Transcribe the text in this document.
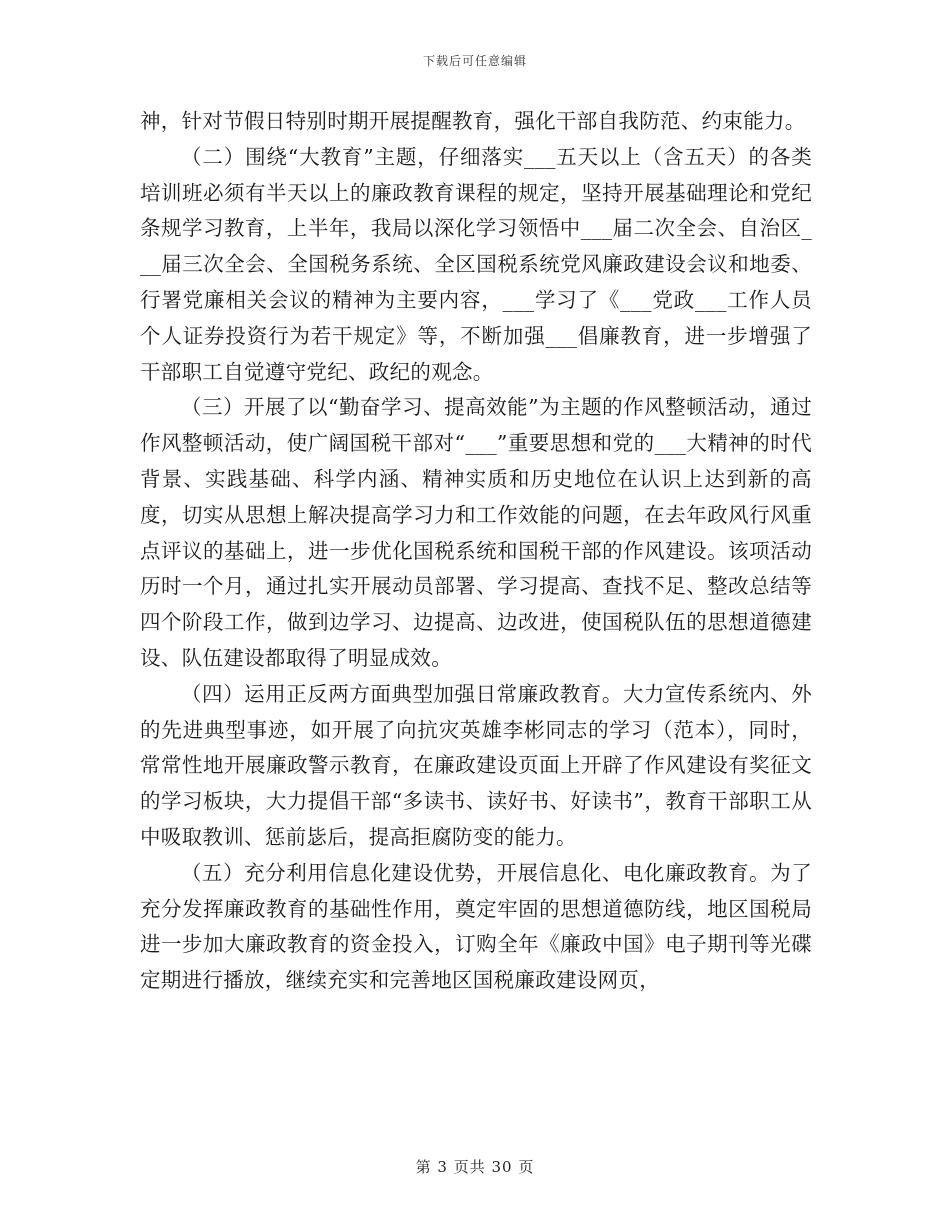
下载后可任意编辑

神，针对节假日特别时期开展提醒教育，强化干部自我防范、约束能力。

（二）围绕“大教育”主题，仔细落实___五天以上（含五天）的各类培训班必须有半天以上的廉政教育课程的规定，坚持开展基础理论和党纪条规学习教育，上半年，我局以深化学习领悟中___届二次全会、自治区___届三次全会、全国税务系统、全区国税系统党风廉政建设会议和地委、行署党廉相关会议的精神为主要内容，___学习了《___党政___工作人员个人证券投资行为若干规定》等，不断加强___倡廉教育，进一步增强了干部职工自觉遵守党纪、政纪的观念。

（三）开展了以“勤奋学习、提高效能”为主题的作风整顿活动，通过作风整顿活动，使广阔国税干部对“___”重要思想和党的___大精神的时代背景、实践基础、科学内涵、精神实质和历史地位在认识上达到新的高度，切实从思想上解决提高学习力和工作效能的问题，在去年政风行风重点评议的基础上，进一步优化国税系统和国税干部的作风建设。该项活动历时一个月，通过扎实开展动员部署、学习提高、查找不足、整改总结等四个阶段工作，做到边学习、边提高、边改进，使国税队伍的思想道德建设、队伍建设都取得了明显成效。

（四）运用正反两方面典型加强日常廉政教育。大力宣传系统内、外的先进典型事迹，如开展了向抗灾英雄李彬同志的学习（范本），同时，常常性地开展廉政警示教育，在廉政建设页面上开辟了作风建设有奖征文的学习板块，大力提倡干部“多读书、读好书、好读书”，教育干部职工从中吸取教训、惩前毖后，提高拒腐防变的能力。

（五）充分利用信息化建设优势，开展信息化、电化廉政教育。为了充分发挥廉政教育的基础性作用，奠定牢固的思想道德防线，地区国税局进一步加大廉政教育的资金投入，订购全年《廉政中国》电子期刊等光碟定期进行播放，继续充实和完善地区国税廉政建设网页，

第 3 页共 30 页
